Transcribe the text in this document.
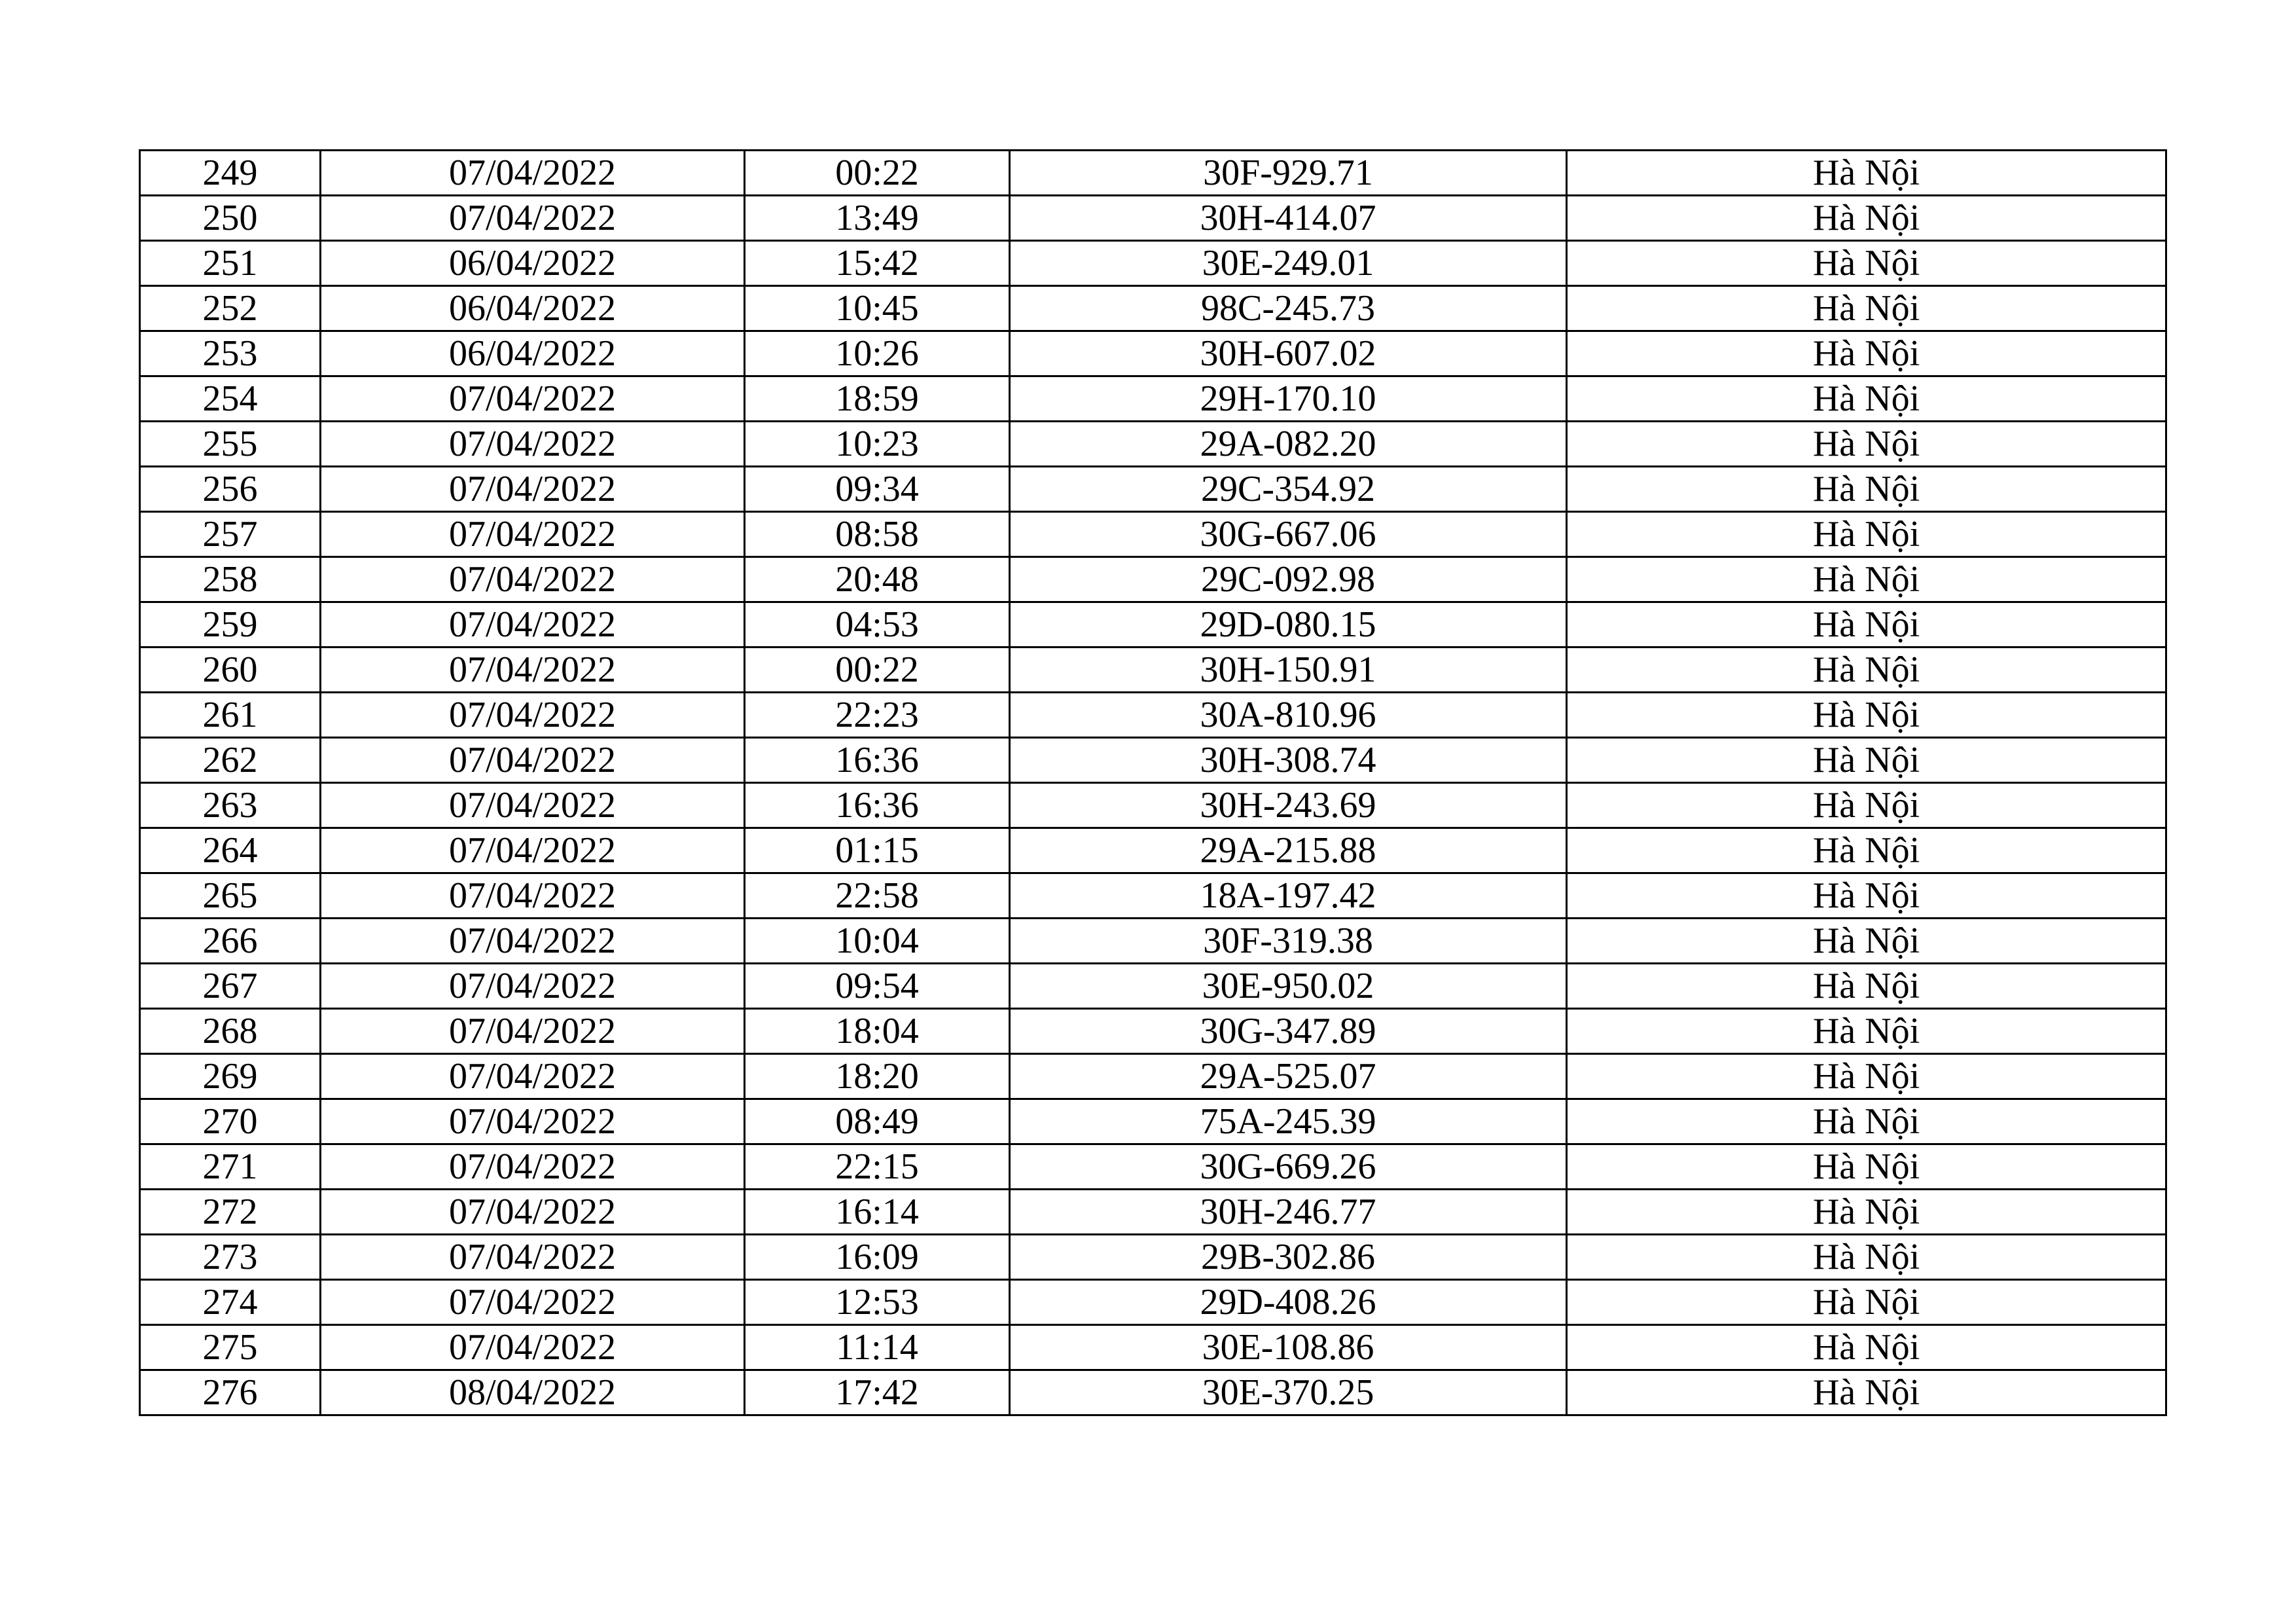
249	07/04/2022	00:22	30F-929.71	Hà Nội
250	07/04/2022	13:49	30H-414.07	Hà Nội
251	06/04/2022	15:42	30E-249.01	Hà Nội
252	06/04/2022	10:45	98C-245.73	Hà Nội
253	06/04/2022	10:26	30H-607.02	Hà Nội
254	07/04/2022	18:59	29H-170.10	Hà Nội
255	07/04/2022	10:23	29A-082.20	Hà Nội
256	07/04/2022	09:34	29C-354.92	Hà Nội
257	07/04/2022	08:58	30G-667.06	Hà Nội
258	07/04/2022	20:48	29C-092.98	Hà Nội
259	07/04/2022	04:53	29D-080.15	Hà Nội
260	07/04/2022	00:22	30H-150.91	Hà Nội
261	07/04/2022	22:23	30A-810.96	Hà Nội
262	07/04/2022	16:36	30H-308.74	Hà Nội
263	07/04/2022	16:36	30H-243.69	Hà Nội
264	07/04/2022	01:15	29A-215.88	Hà Nội
265	07/04/2022	22:58	18A-197.42	Hà Nội
266	07/04/2022	10:04	30F-319.38	Hà Nội
267	07/04/2022	09:54	30E-950.02	Hà Nội
268	07/04/2022	18:04	30G-347.89	Hà Nội
269	07/04/2022	18:20	29A-525.07	Hà Nội
270	07/04/2022	08:49	75A-245.39	Hà Nội
271	07/04/2022	22:15	30G-669.26	Hà Nội
272	07/04/2022	16:14	30H-246.77	Hà Nội
273	07/04/2022	16:09	29B-302.86	Hà Nội
274	07/04/2022	12:53	29D-408.26	Hà Nội
275	07/04/2022	11:14	30E-108.86	Hà Nội
276	08/04/2022	17:42	30E-370.25	Hà Nội
